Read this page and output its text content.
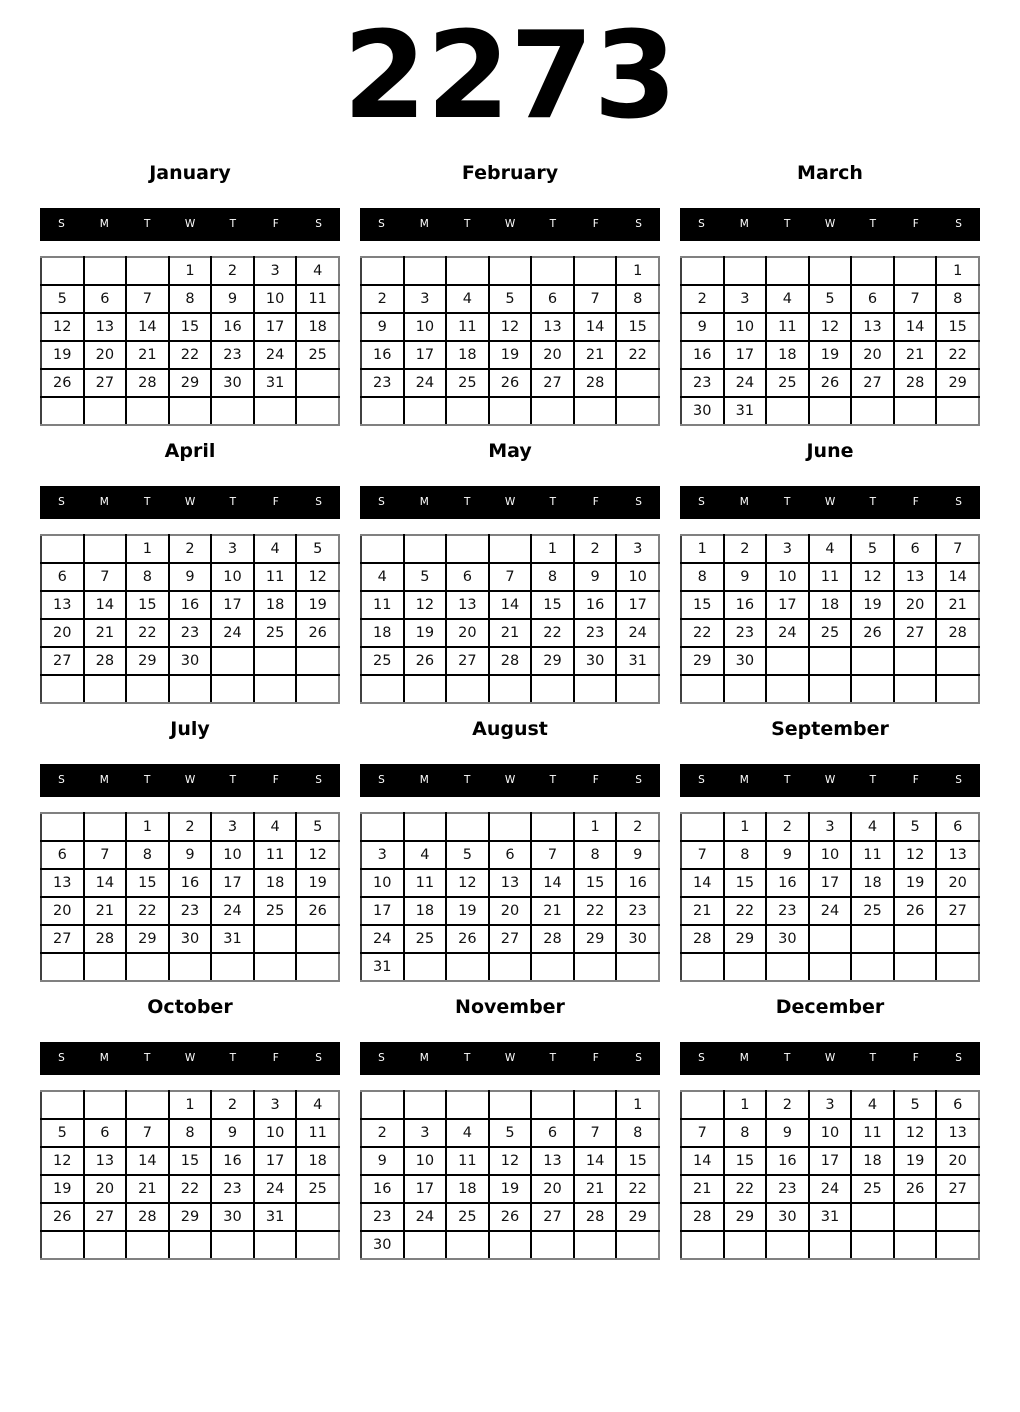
2273
January
S	M	T	W	T	F	S
			1	2	3	4
5	6	7	8	9	10	11
12	13	14	15	16	17	18
19	20	21	22	23	24	25
26	27	28	29	30	31	

February
S	M	T	W	T	F	S
						1
2	3	4	5	6	7	8
9	10	11	12	13	14	15
16	17	18	19	20	21	22
23	24	25	26	27	28	

March
S	M	T	W	T	F	S
						1
2	3	4	5	6	7	8
9	10	11	12	13	14	15
16	17	18	19	20	21	22
23	24	25	26	27	28	29
30	31					
April
S	M	T	W	T	F	S
		1	2	3	4	5
6	7	8	9	10	11	12
13	14	15	16	17	18	19
20	21	22	23	24	25	26
27	28	29	30			

May
S	M	T	W	T	F	S
				1	2	3
4	5	6	7	8	9	10
11	12	13	14	15	16	17
18	19	20	21	22	23	24
25	26	27	28	29	30	31

June
S	M	T	W	T	F	S
1	2	3	4	5	6	7
8	9	10	11	12	13	14
15	16	17	18	19	20	21
22	23	24	25	26	27	28
29	30					

July
S	M	T	W	T	F	S
		1	2	3	4	5
6	7	8	9	10	11	12
13	14	15	16	17	18	19
20	21	22	23	24	25	26
27	28	29	30	31		

August
S	M	T	W	T	F	S
					1	2
3	4	5	6	7	8	9
10	11	12	13	14	15	16
17	18	19	20	21	22	23
24	25	26	27	28	29	30
31						
September
S	M	T	W	T	F	S
	1	2	3	4	5	6
7	8	9	10	11	12	13
14	15	16	17	18	19	20
21	22	23	24	25	26	27
28	29	30				

October
S	M	T	W	T	F	S
			1	2	3	4
5	6	7	8	9	10	11
12	13	14	15	16	17	18
19	20	21	22	23	24	25
26	27	28	29	30	31	

November
S	M	T	W	T	F	S
						1
2	3	4	5	6	7	8
9	10	11	12	13	14	15
16	17	18	19	20	21	22
23	24	25	26	27	28	29
30						
December
S	M	T	W	T	F	S
	1	2	3	4	5	6
7	8	9	10	11	12	13
14	15	16	17	18	19	20
21	22	23	24	25	26	27
28	29	30	31			
